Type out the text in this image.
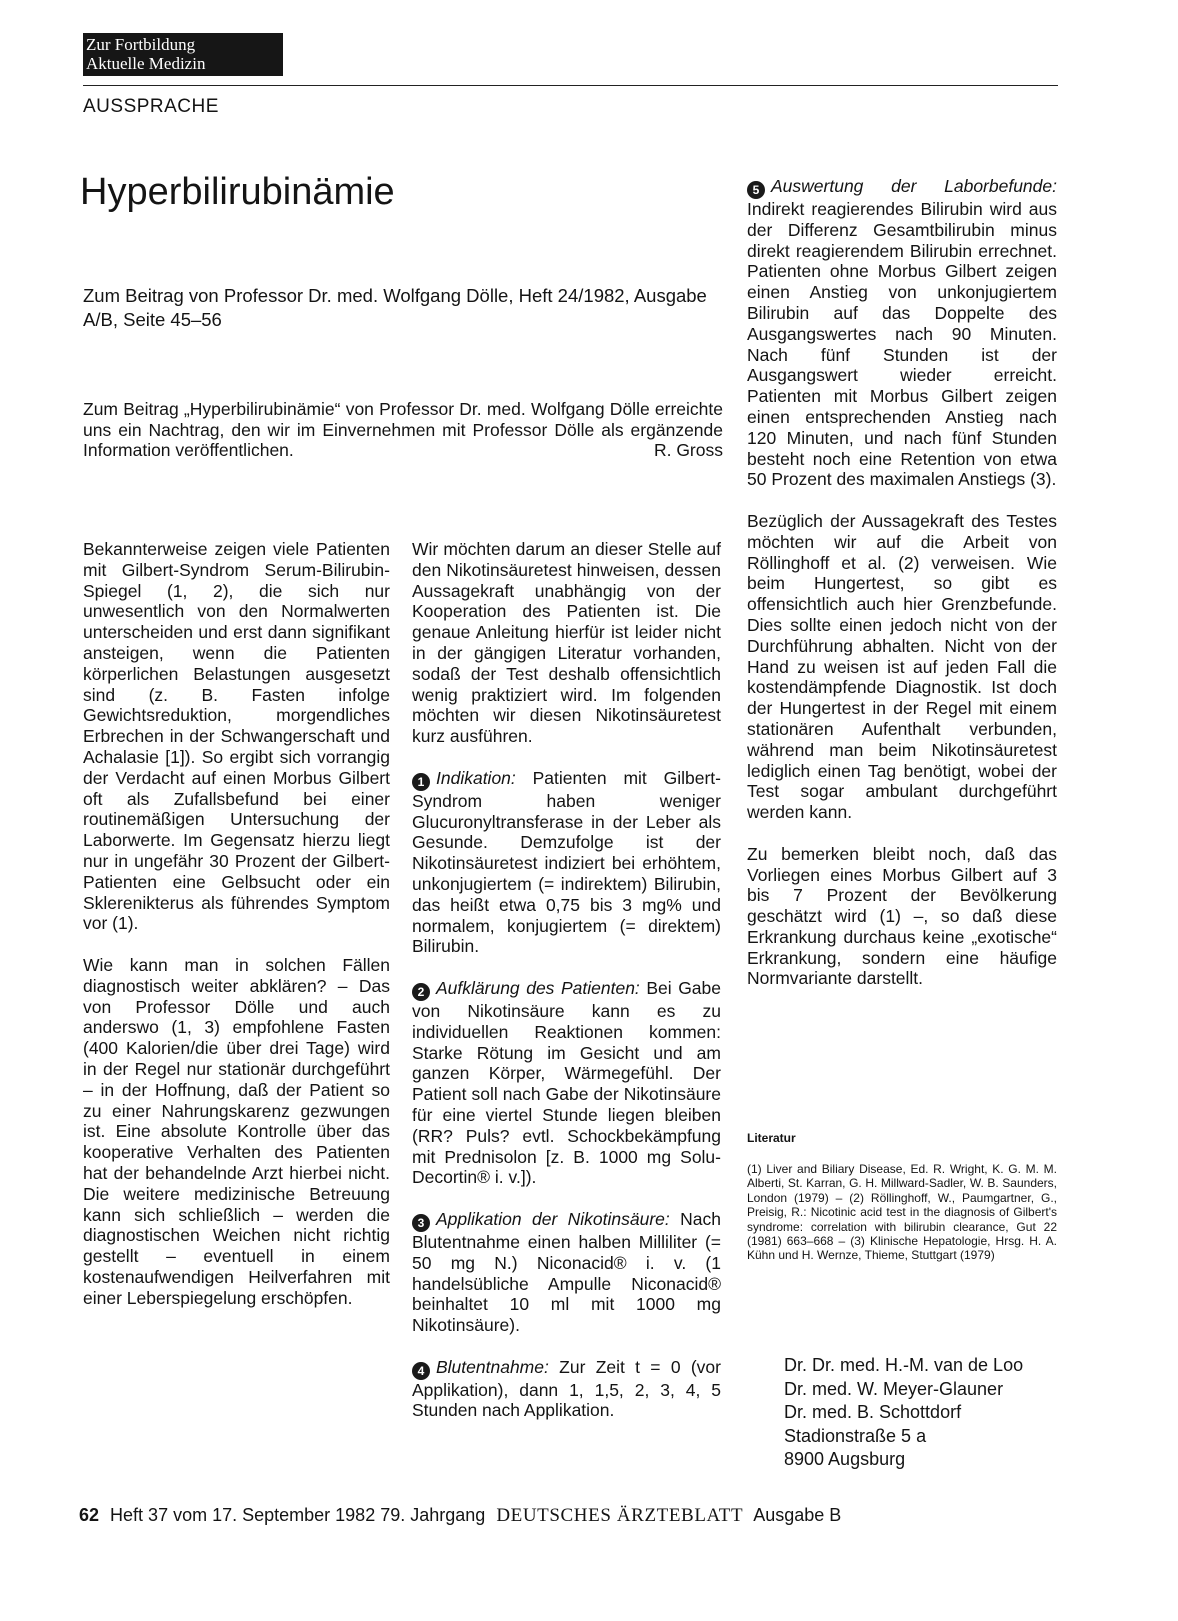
Zur Fortbildung
Aktuelle Medizin
AUSSPRACHE
Hyperbilirubinämie
Zum Beitrag von Professor Dr. med. Wolfgang Dölle, Heft 24/1982, Ausgabe A/B, Seite 45–56
Zum Beitrag „Hyperbilirubinämie“ von Professor Dr. med. Wolfgang Dölle erreichte uns ein Nachtrag, den wir im Einvernehmen mit Professor Dölle als ergänzende Information veröffentlichen.	R. Gross

Bekannterweise zeigen viele Patienten mit Gilbert-Syndrom Serum-Bilirubin-Spiegel (1, 2), die sich nur unwesentlich von den Normalwerten unterscheiden und erst dann signifikant ansteigen, wenn die Patienten körperlichen Belastungen ausgesetzt sind (z. B. Fasten infolge Gewichtsreduktion, morgendliches Erbrechen in der Schwangerschaft und Achalasie [1]). So ergibt sich vorrangig der Verdacht auf einen Morbus Gilbert oft als Zufallsbefund bei einer routinemäßigen Untersuchung der Laborwerte. Im Gegensatz hierzu liegt nur in ungefähr 30 Prozent der Gilbert-Patienten eine Gelbsucht oder ein Sklerenikterus als führendes Symptom vor (1).

Wie kann man in solchen Fällen diagnostisch weiter abklären? – Das von Professor Dölle und auch anderswo (1, 3) empfohlene Fasten (400 Kalorien/die über drei Tage) wird in der Regel nur stationär durchgeführt – in der Hoffnung, daß der Patient so zu einer Nahrungskarenz gezwungen ist. Eine absolute Kontrolle über das kooperative Verhalten des Patienten hat der behandelnde Arzt hierbei nicht. Die weitere medizinische Betreuung kann sich schließlich – werden die diagnostischen Weichen nicht richtig gestellt – eventuell in einem kostenaufwendigen Heilverfahren mit einer Leberspiegelung erschöpfen.

Wir möchten darum an dieser Stelle auf den Nikotinsäuretest hinweisen, dessen Aussagekraft unabhängig von der Kooperation des Patienten ist. Die genaue Anleitung hierfür ist leider nicht in der gängigen Literatur vorhanden, sodaß der Test deshalb offensichtlich wenig praktiziert wird. Im folgenden möchten wir diesen Nikotinsäuretest kurz ausführen.

1 Indikation: Patienten mit Gilbert-Syndrom haben weniger Glucuronyltransferase in der Leber als Gesunde. Demzufolge ist der Nikotinsäuretest indiziert bei erhöhtem, unkonjugiertem (= indirektem) Bilirubin, das heißt etwa 0,75 bis 3 mg% und normalem, konjugiertem (= direktem) Bilirubin.

2 Aufklärung des Patienten: Bei Gabe von Nikotinsäure kann es zu individuellen Reaktionen kommen: Starke Rötung im Gesicht und am ganzen Körper, Wärmegefühl. Der Patient soll nach Gabe der Nikotinsäure für eine viertel Stunde liegen bleiben (RR? Puls? evtl. Schockbekämpfung mit Prednisolon [z. B. 1000 mg Solu-Decortin® i. v.]).

3 Applikation der Nikotinsäure: Nach Blutentnahme einen halben Milliliter (= 50 mg N.) Niconacid® i. v. (1 handelsübliche Ampulle Niconacid® beinhaltet 10 ml mit 1000 mg Nikotinsäure).

4 Blutentnahme: Zur Zeit t = 0 (vor Applikation), dann 1, 1,5, 2, 3, 4, 5 Stunden nach Applikation.

5 Auswertung der Laborbefunde: Indirekt reagierendes Bilirubin wird aus der Differenz Gesamtbilirubin minus direkt reagierendem Bilirubin errechnet. Patienten ohne Morbus Gilbert zeigen einen Anstieg von unkonjugiertem Bilirubin auf das Doppelte des Ausgangswertes nach 90 Minuten. Nach fünf Stunden ist der Ausgangswert wieder erreicht. Patienten mit Morbus Gilbert zeigen einen entsprechenden Anstieg nach 120 Minuten, und nach fünf Stunden besteht noch eine Retention von etwa 50 Prozent des maximalen Anstiegs (3).

Bezüglich der Aussagekraft des Testes möchten wir auf die Arbeit von Röllinghoff et al. (2) verweisen. Wie beim Hungertest, so gibt es offensichtlich auch hier Grenzbefunde. Dies sollte einen jedoch nicht von der Durchführung abhalten. Nicht von der Hand zu weisen ist auf jeden Fall die kostendämpfende Diagnostik. Ist doch der Hungertest in der Regel mit einem stationären Aufenthalt verbunden, während man beim Nikotinsäuretest lediglich einen Tag benötigt, wobei der Test sogar ambulant durchgeführt werden kann.

Zu bemerken bleibt noch, daß das Vorliegen eines Morbus Gilbert auf 3 bis 7 Prozent der Bevölkerung geschätzt wird (1) –, so daß diese Erkrankung durchaus keine „exotische“ Erkrankung, sondern eine häufige Normvariante darstellt.

Literatur
(1) Liver and Biliary Disease, Ed. R. Wright, K. G. M. M. Alberti, St. Karran, G. H. Millward-Sadler, W. B. Saunders, London (1979) – (2) Röllinghoff, W., Paumgartner, G., Preisig, R.: Nicotinic acid test in the diagnosis of Gilbert's syndrome: correlation with bilirubin clearance, Gut 22 (1981) 663–668 – (3) Klinische Hepatologie, Hrsg. H. A. Kühn und H. Wernze, Thieme, Stuttgart (1979)
Dr. Dr. med. H.-M. van de Loo
Dr. med. W. Meyer-Glauner
Dr. med. B. Schottdorf
Stadionstraße 5 a
8900 Augsburg
62 Heft 37 vom 17. September 1982 79. Jahrgang DEUTSCHES ÄRZTEBLATT Ausgabe B
